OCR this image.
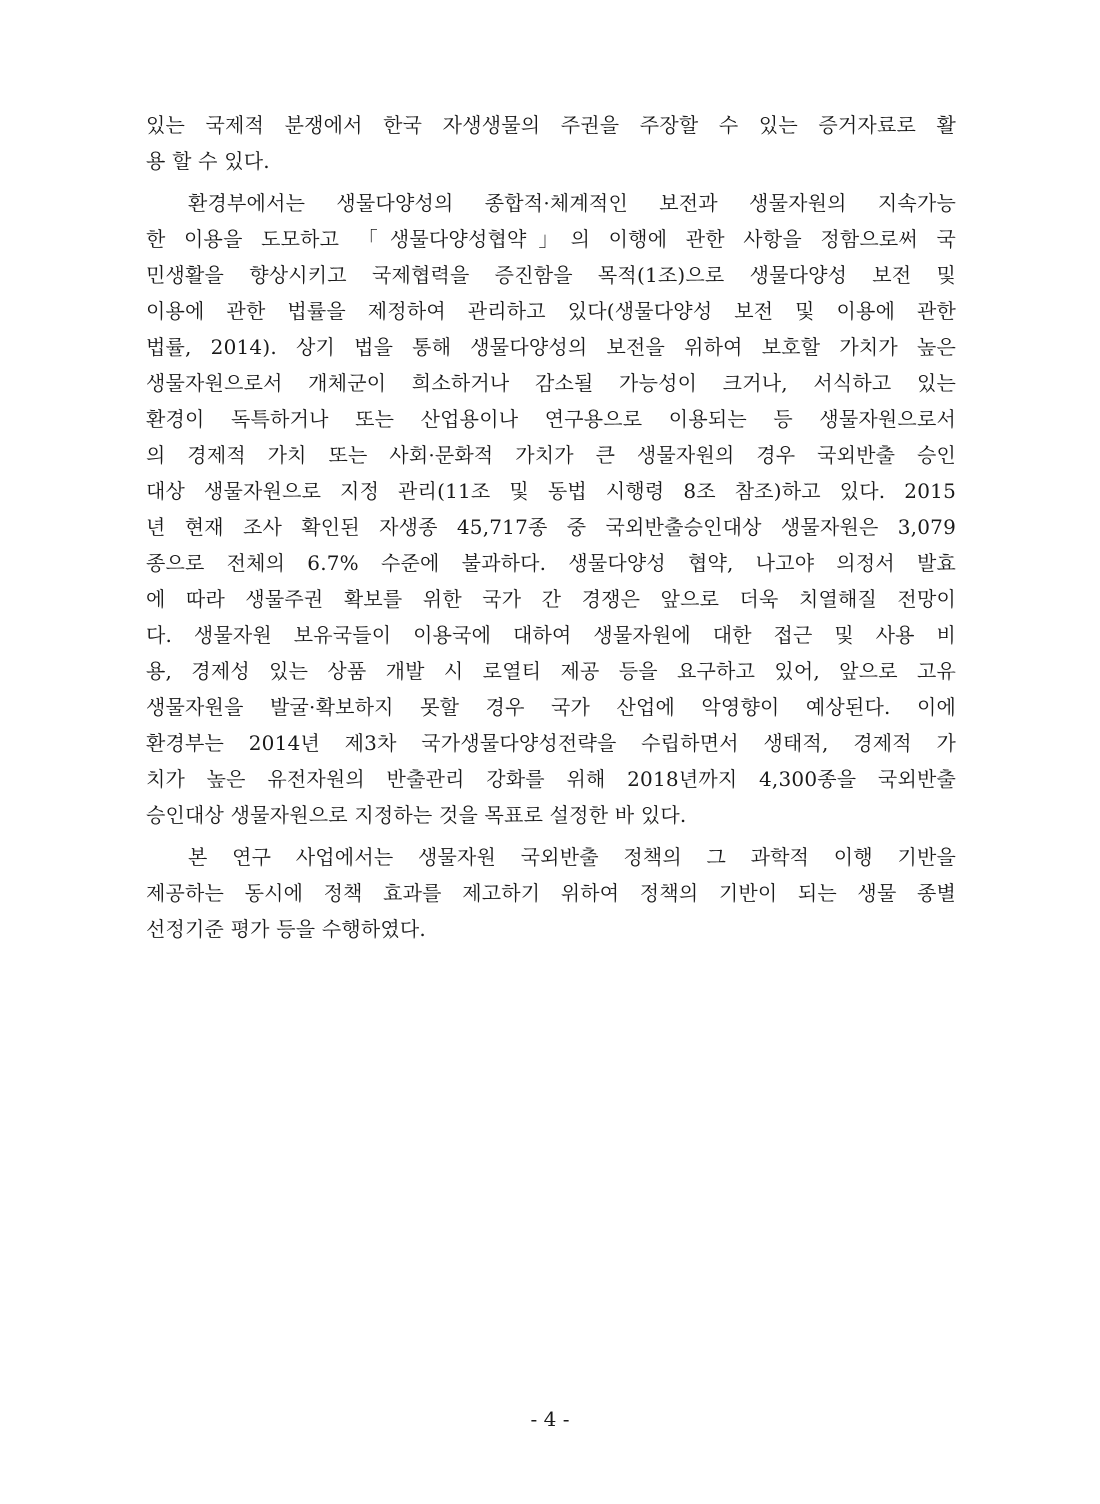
있는 국제적 분쟁에서 한국 자생생물의 주권을 주장할 수 있는 증거자료로 활
용 할 수 있다.

환경부에서는 생물다양성의 종합적·체계적인 보전과 생물자원의 지속가능
한 이용을 도모하고 「생물다양성협약」의 이행에 관한 사항을 정함으로써 국
민생활을 향상시키고 국제협력을 증진함을 목적(1조)으로 생물다양성 보전 및
이용에 관한 법률을 제정하여 관리하고 있다(생물다양성 보전 및 이용에 관한
법률, 2014). 상기 법을 통해 생물다양성의 보전을 위하여 보호할 가치가 높은
생물자원으로서 개체군이 희소하거나 감소될 가능성이 크거나, 서식하고 있는
환경이 독특하거나 또는 산업용이나 연구용으로 이용되는 등 생물자원으로서
의 경제적 가치 또는 사회·문화적 가치가 큰 생물자원의 경우 국외반출 승인
대상 생물자원으로 지정 관리(11조 및 동법 시행령 8조 참조)하고 있다. 2015
년 현재 조사 확인된 자생종 45,717종 중 국외반출승인대상 생물자원은 3,079
종으로 전체의 6.7% 수준에 불과하다. 생물다양성 협약, 나고야 의정서 발효
에 따라 생물주권 확보를 위한 국가 간 경쟁은 앞으로 더욱 치열해질 전망이
다. 생물자원 보유국들이 이용국에 대하여 생물자원에 대한 접근 및 사용 비
용, 경제성 있는 상품 개발 시 로열티 제공 등을 요구하고 있어, 앞으로 고유
생물자원을 발굴·확보하지 못할 경우 국가 산업에 악영향이 예상된다. 이에
환경부는 2014년 제3차 국가생물다양성전략을 수립하면서 생태적, 경제적 가
치가 높은 유전자원의 반출관리 강화를 위해 2018년까지 4,300종을 국외반출
승인대상 생물자원으로 지정하는 것을 목표로 설정한 바 있다.

본 연구 사업에서는 생물자원 국외반출 정책의 그 과학적 이행 기반을
제공하는 동시에 정책 효과를 제고하기 위하여 정책의 기반이 되는 생물 종별
선정기준 평가 등을 수행하였다.

- 4 -
